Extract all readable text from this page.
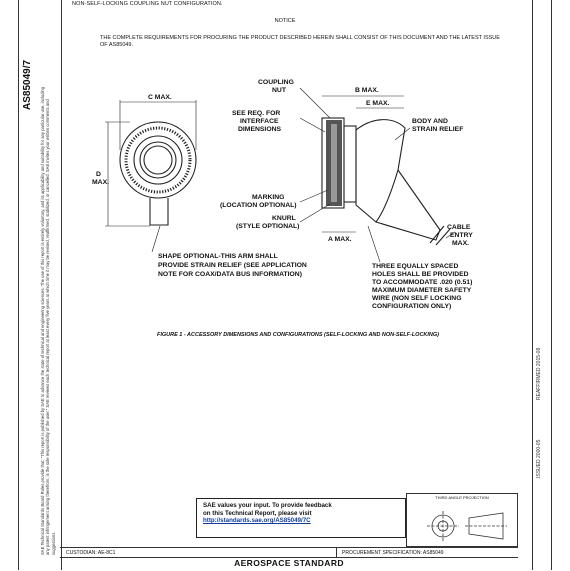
AS85049/7
SAE Technical Standards Board Rules provide that: "This report is published by SAE to advance the state of technical and engineering sciences. The use of this report is entirely voluntary, and its applicability and suitability for any particular use, including any patent infringement arising therefrom, is the sole responsibility of the user." SAE reviews each technical report at least every five years at which time it may be revised, reaffirmed, stabilized, or cancelled. SAE invites your written comments and suggestions.
REAFFIRMED 2015-08
ISSUED 2000-05
NON-SELF-LOCKING COUPLING NUT CONFIGURATION.
NOTICE
THE COMPLETE REQUIREMENTS FOR PROCURING THE PRODUCT DESCRIBED HEREIN SHALL CONSIST OF THIS DOCUMENT AND THE LATEST ISSUE OF AS85049.
C MAX.
D
MAX.
COUPLING
NUT
SEE REQ. FOR
INTERFACE
DIMENSIONS
B MAX.
E MAX.
BODY AND
STRAIN RELIEF
MARKING
(LOCATION OPTIONAL)
KNURL
(STYLE OPTIONAL)
A MAX.
CABLE
ENTRY
MAX.
SHAPE OPTIONAL-THIS ARM SHALL
PROVIDE STRAIN RELIEF (SEE APPLICATION
NOTE FOR COAX/DATA BUS INFORMATION)
THREE EQUALLY SPACED
HOLES SHALL BE PROVIDED
TO ACCOMMODATE .020 (0.51)
MAXIMUM DIAMETER SAFETY
WIRE (NON SELF LOCKING
CONFIGURATION ONLY)
FIGURE 1 - ACCESSORY DIMENSIONS AND CONFIGURATIONS (SELF-LOCKING AND NON-SELF-LOCKING)
SAE values your input. To provide feedback
on this Technical Report, please visit
http://standards.sae.org/AS85049/7C
THIRD ANGLE PROJECTION
CUSTODIAN: AE-8C1	PROCUREMENT SPECIFICATION: AS85049
AEROSPACE STANDARD
